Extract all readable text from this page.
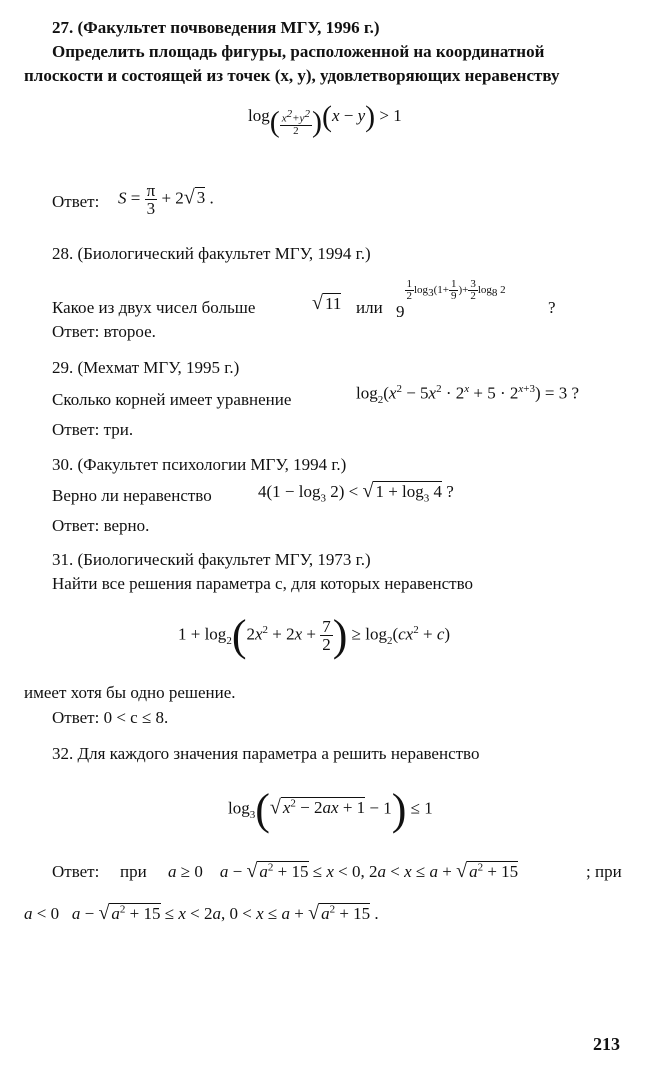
27. (Факультет почвоведения МГУ, 1996 г.)
Определить площадь фигуры, расположенной на координатной
плоскости и состоящей из точек (x, y), удовлетворяющих неравенству
$\log_{( \frac{x^2+y^2}{2} )}(x - y) > 1$
Ответ: $S = \frac{\pi}{3} + 2√$ 3 .
28. (Биологический факультет МГУ, 1994 г.)
Какое из двух чисел больше	√ 11 или 9
$_{\frac{1}{2} log_3(1+ \frac{1}{9} )+ \frac{3}{2} log_8 2}$
?
Ответ: второе.
29. (Мехмат МГУ, 1995 г.)
Сколько корней имеет уравнение	$\log_2(x^2 - 5x^2 \cdot 2^x + 5 \cdot 2^{x+3}) = 3$ ?
Ответ: три.
30. (Факультет психологии МГУ, 1994 г.)
Верно ли неравенство	$4(1 - \log_3 2)$ < √ $1 + \log_3 4$ ?
Ответ: верно.
31. (Биологический факультет МГУ, 1973 г.)
Найти все решения параметра c, для которых неравенство
$1 + \log_2(2x^2 + 2x + \frac{7}{2}$ ) ≥ $\log_2(cx^2 + c)$
имеет хотя бы одно решение.
Ответ: 0 < c ≤ 8.
32. Для каждого значения параметра a решить неравенство
$\log_3(√$ $x^2 - 2ax + 1 - 1) \le 1$
Ответ: при a ≥ 0    a − √ $a^2 + 15 \le x < 0$, 2a < x ≤ a + √ $a^2 + 15$	; при
a < 0   a − √ $a^2 + 15 \le x < 2a$, 0 < x ≤ a + √ $a^2 + 15$ .
213
